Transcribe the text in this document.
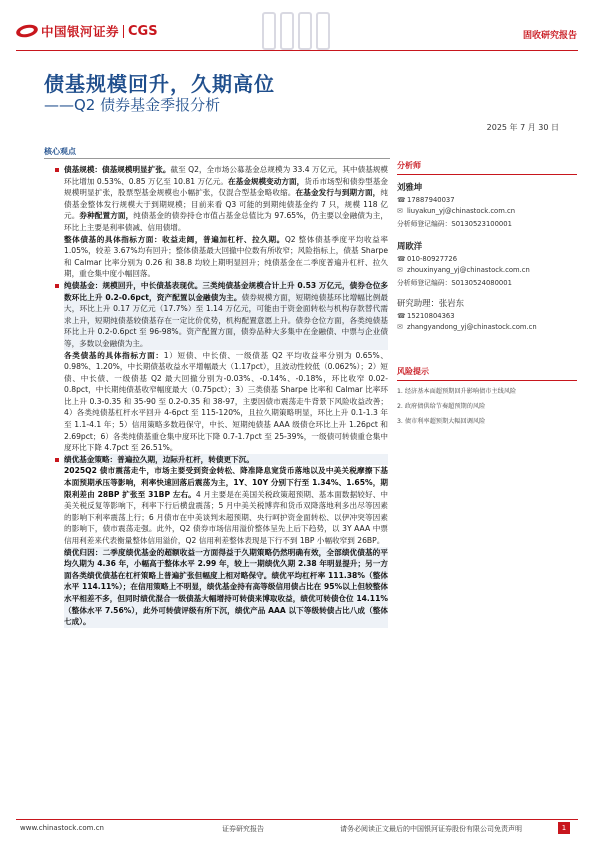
中国银河证券 CGS	固收研究报告
债基规模回升，久期高位
——Q2 债券基金季报分析
2025 年 7 月 30 日
核心观点

债基规模：债基规模明显扩张。截至 Q2，全市场公募基金总规模为 33.4 万亿元，其中债基规模环比增加 0.53%、0.85 万亿至 10.81 万亿元。在基金规模变动方面，货币市场型和债券型基金规模明显扩张，股票型基金规模也小幅扩张，仅混合型基金略收缩。在基金发行与到期方面，纯债基金整体发行规模大于到期规模；目前来看 Q3 可能的到期纯债基金约 7 只，规模 118 亿元。券种配置方面，纯债基金的债券持仓市值占基金总值比为 97.65%，仍主要以金融债为主，环比上主要是利率债减、信用债增。

整体债基的具体指标方面：收益走阔，普遍加杠杆、拉久期。Q2 整体债基季度平均收益率 1.05%，较差 3.67%均有回升；整体债基最大回撤中位数有所收窄；风险指标上，债基 Sharpe 和 Calmar 比率分别为 0.26 和 38.8 均较上期明显回升；纯债基金在二季度普遍升杠杆、拉久期，重仓集中度小幅回落。

纯债基金：规模回升，中长债基表现优。三类纯债基金规模合计上升 0.53 万亿元，债券仓位多数环比上升 0.2-0.6pct，资产配置以金融债为主。债券规模方面，短期纯债基环比增幅比例最大，环比上升 0.17 万亿元（17.7%）至 1.14 万亿元，可能由于资金面转松与机构存款替代需求上升，短期纯债基较债基存在一定比价优势，机构配置意愿上升。债券仓位方面，各类纯债基环比上升 0.2-0.6pct 至 96-98%。资产配置方面，债券品种大多集中在金融债、中票与企业债等，多数以金融债为主。

各类债基的具体指标方面：1）短债、中长债、一级债基 Q2 平均收益率分别为 0.65%、0.98%、1.20%，中长期债基收益水平增幅最大（1.17pct），且波动性较低（0.062%）；2）短债、中长债、一级债基 Q2 最大回撤分别为-0.03%、-0.14%、-0.18%，环比收窄 0.02-0.8pct，中长期纯债基收窄幅度最大（0.75pct）；3）三类债基 Sharpe 比率和 Calmar 比率环比上升 0.3-0.35 和 35-90 至 0.2-0.35 和 38-97，主要因债市震荡走牛背景下风险收益改善；4）各类纯债基杠杆水平回升 4-6pct 至 115-120%，且拉久期策略明显，环比上升 0.1-1.3 年至 1.1-4.1 年；5）信用策略多数趋保守，中长、短期纯债基 AAA 级债仓环比上升 1.26pct 和 2.69pct；6）各类纯债基重仓集中度环比下降 0.7-1.7pct 至 25-39%，一级债可转债重仓集中度环比下降 4.7pct 至 26.51%。

绩优基金策略：普遍拉久期，边际升杠杆，转债更下沉。

2025Q2 债市震荡走牛，市场主要受到资金转松、降准降息宽货币落地以及中美关税摩擦下基本面预期承压等影响，利率快速回落后震荡为主，1Y、10Y 分别下行至 1.34%、1.65%，期限利差由 28BP 扩张至 31BP 左右。4 月主要是在美国关税政策超预期、基本面数据较好、中美关税反复等影响下，利率下行后横盘震荡；5 月中美关税博弈和货币双降落地利多出尽等因素的影响下利率震荡上行；6 月债市在中美谈判未超预期、央行呵护资金面转松、以伊冲突等因素的影响下，债市震荡走强。此外，Q2 债券市场信用溢价整体呈先上后下趋势，以 3Y AAA 中票信用利差来代表衡量整体信用溢价，Q2 信用利差整体表现是下行不到 1BP 小幅收窄到 26BP。

绩优归因：二季度绩优基金的超额收益一方面得益于久期策略仍然明确有效，全部绩优债基的平均久期为 4.36 年，小幅高于整体水平 2.99 年，较上一期绩优久期 2.38 年明显提升；另一方面各类绩优债基在杠杆策略上普遍扩张但幅度上相对略保守。绩优平均杠杆率 111.38%（整体水平 114.11%）；在信用策略上不明显，绩优基金持有高等级信用债占比在 95%以上但较整体水平相差不多，但同时绩优混合一级债基大幅增持可转债来博取收益，绩优可转债仓位 14.11%（整体水平 7.56%），此外可转债评级有所下沉，绩优产品 AAA 以下等级转债占比八成（整体七成）。

分析师
刘雅坤
☎ 17887940037
✉ liuyakun_yj@chinastock.com.cn
分析师登记编码：S0130523100001
周欧洋
☎ 010-80927726
✉ zhouxinyang_yj@chinastock.com.cn
分析师登记编码：S0130524080001
研究助理：张岩东
☎ 15210804363
✉ zhangyandong_yj@chinastock.com.cn
风险提示
1. 经济基本面超预期回升影响债市主线风险
2. 政府债供给节奏超预期的风险
3. 债市利率超预期大幅回调风险
www.chinastock.com.cn	证券研究报告	请务必阅读正文最后的中国银河证券股份有限公司免责声明	1
